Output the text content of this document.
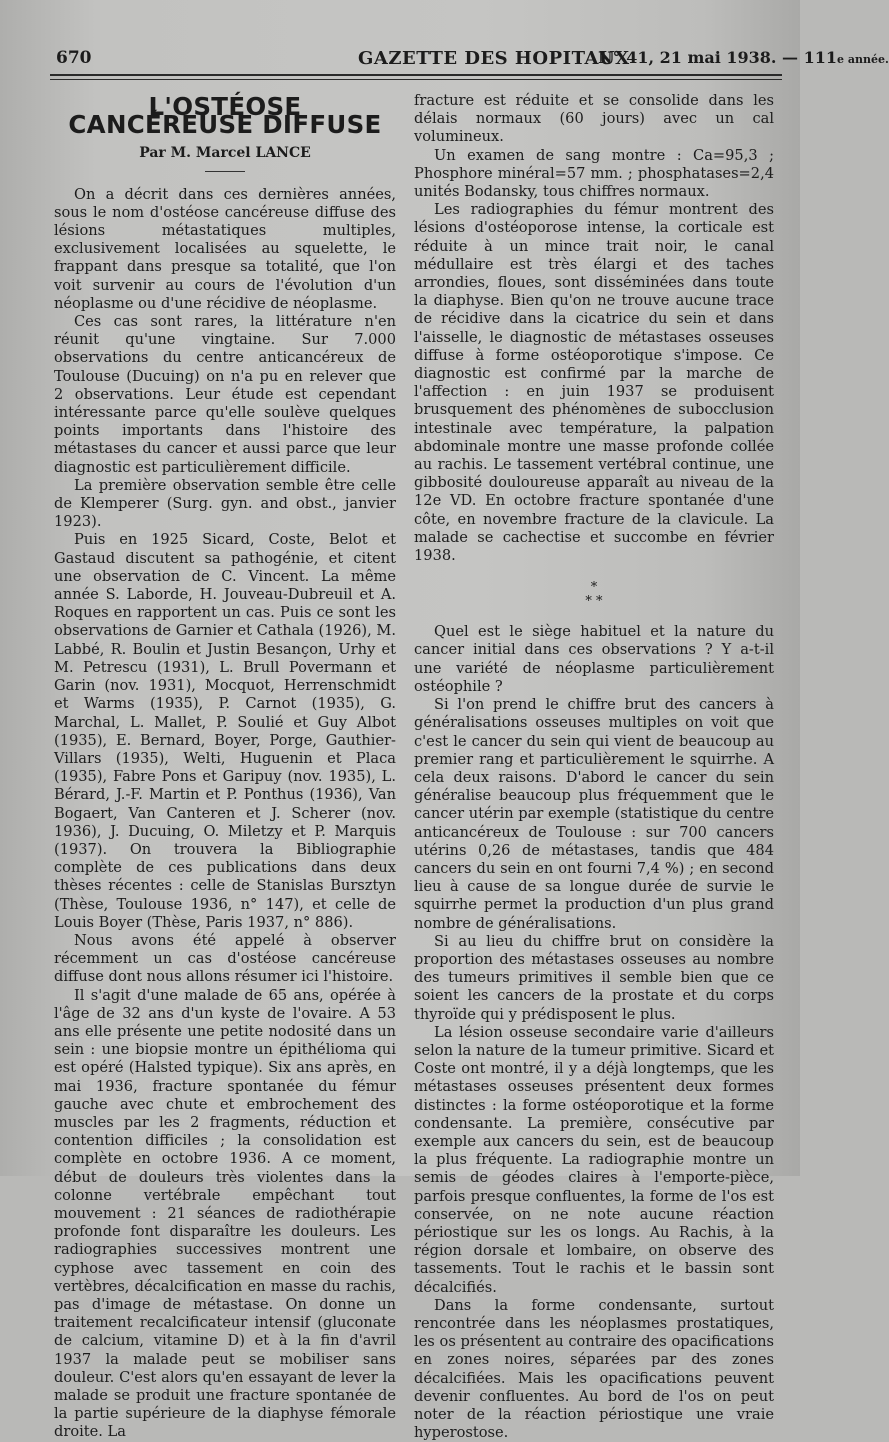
670	GAZETTE DES HOPITAUX
N° 41, 21 mai 1938. — 111e année.
L'OSTÉOSE CANCÉREUSE DIFFUSE
Par M. Marcel LANCE

On a décrit dans ces dernières années, sous le nom d'ostéose cancéreuse diffuse des lésions métastatiques multiples, exclusivement localisées au squelette, le frappant dans presque sa totalité, que l'on voit survenir au cours de l'évolution d'un néoplasme ou d'une récidive de néoplasme.

Ces cas sont rares, la littérature n'en réunit qu'une vingtaine. Sur 7.000 observations du centre anticancéreux de Toulouse (Ducuing) on n'a pu en relever que 2 observations. Leur étude est cependant intéressante parce qu'elle soulève quelques points importants dans l'histoire des métastases du cancer et aussi parce que leur diagnostic est particulièrement difficile.

La première observation semble être celle de Klemperer (Surg. gyn. and obst., janvier 1923).

Puis en 1925 Sicard, Coste, Belot et Gastaud discutent sa pathogénie, et citent une observation de C. Vincent. La même année S. Laborde, H. Jouveau-Dubreuil et A. Roques en rapportent un cas. Puis ce sont les observations de Garnier et Cathala (1926), M. Labbé, R. Boulin et Justin Besançon, Urhy et M. Petrescu (1931), L. Brull Povermann et Garin (nov. 1931), Mocquot, Herrenschmidt et Warms (1935), P. Carnot (1935), G. Marchal, L. Mallet, P. Soulié et Guy Albot (1935), E. Bernard, Boyer, Porge, Gauthier-Villars (1935), Welti, Huguenin et Placa (1935), Fabre Pons et Garipuy (nov. 1935), L. Bérard, J.-F. Martin et P. Ponthus (1936), Van Bogaert, Van Canteren et J. Scherer (nov. 1936), J. Ducuing, O. Miletzy et P. Marquis (1937). On trouvera la Bibliographie complète de ces publications dans deux thèses récentes : celle de Stanislas Bursztyn (Thèse, Toulouse 1936, n° 147), et celle de Louis Boyer (Thèse, Paris 1937, n° 886).

Nous avons été appelé à observer récemment un cas d'ostéose cancéreuse diffuse dont nous allons résumer ici l'histoire.

Il s'agit d'une malade de 65 ans, opérée à l'âge de 32 ans d'un kyste de l'ovaire. A 53 ans elle présente une petite nodosité dans un sein : une biopsie montre un épithélioma qui est opéré (Halsted typique). Six ans après, en mai 1936, fracture spontanée du fémur gauche avec chute et embrochement des muscles par les 2 fragments, réduction et contention difficiles ; la consolidation est complète en octobre 1936. A ce moment, début de douleurs très violentes dans la colonne vertébrale empêchant tout mouvement : 21 séances de radiothérapie profonde font disparaître les douleurs. Les radiographies successives montrent une cyphose avec tassement en coin des vertèbres, décalcification en masse du rachis, pas d'image de métastase. On donne un traitement recalcificateur intensif (gluconate de calcium, vitamine D) et à la fin d'avril 1937 la malade peut se mobiliser sans douleur. C'est alors qu'en essayant de lever la malade se produit une fracture spontanée de la partie supérieure de la diaphyse fémorale droite. La

fracture est réduite et se consolide dans les délais normaux (60 jours) avec un cal volumineux.

Un examen de sang montre : Ca=95,3 ; Phosphore minéral=57 mm. ; phosphatases=2,4 unités Bodansky, tous chiffres normaux.

Les radiographies du fémur montrent des lésions d'ostéoporose intense, la corticale est réduite à un mince trait noir, le canal médullaire est très élargi et des taches arrondies, floues, sont disséminées dans toute la diaphyse. Bien qu'on ne trouve aucune trace de récidive dans la cicatrice du sein et dans l'aisselle, le diagnostic de métastases osseuses diffuse à forme ostéoporotique s'impose. Ce diagnostic est confirmé par la marche de l'affection : en juin 1937 se produisent brusquement des phénomènes de subocclusion intestinale avec température, la palpation abdominale montre une masse profonde collée au rachis. Le tassement vertébral continue, une gibbosité douloureuse apparaît au niveau de la 12e VD. En octobre fracture spontanée d'une côte, en novembre fracture de la clavicule. La malade se cachectise et succombe en février 1938.

*
* *

Quel est le siège habituel et la nature du cancer initial dans ces observations ? Y a-t-il une variété de néoplasme particulièrement ostéophile ?

Si l'on prend le chiffre brut des cancers à généralisations osseuses multiples on voit que c'est le cancer du sein qui vient de beaucoup au premier rang et particulièrement le squirrhe. A cela deux raisons. D'abord le cancer du sein généralise beaucoup plus fréquemment que le cancer utérin par exemple (statistique du centre anticancéreux de Toulouse : sur 700 cancers utérins 0,26 de métastases, tandis que 484 cancers du sein en ont fourni 7,4 %) ; en second lieu à cause de sa longue durée de survie le squirrhe permet la production d'un plus grand nombre de généralisations.

Si au lieu du chiffre brut on considère la proportion des métastases osseuses au nombre des tumeurs primitives il semble bien que ce soient les cancers de la prostate et du corps thyroïde qui y prédisposent le plus.

La lésion osseuse secondaire varie d'ailleurs selon la nature de la tumeur primitive. Sicard et Coste ont montré, il y a déjà longtemps, que les métastases osseuses présentent deux formes distinctes : la forme ostéoporotique et la forme condensante. La première, consécutive par exemple aux cancers du sein, est de beaucoup la plus fréquente. La radiographie montre un semis de géodes claires à l'emporte-pièce, parfois presque confluentes, la forme de l'os est conservée, on ne note aucune réaction périostique sur les os longs. Au Rachis, à la région dorsale et lombaire, on observe des tassements. Tout le rachis et le bassin sont décalcifiés.

Dans la forme condensante, surtout rencontrée dans les néoplasmes prostatiques, les os présentent au contraire des opacifications en zones noires, séparées par des zones décalcifiées. Mais les opacifications peuvent devenir confluentes. Au bord de l'os on peut noter de la réaction périostique une vraie hyperostose.
